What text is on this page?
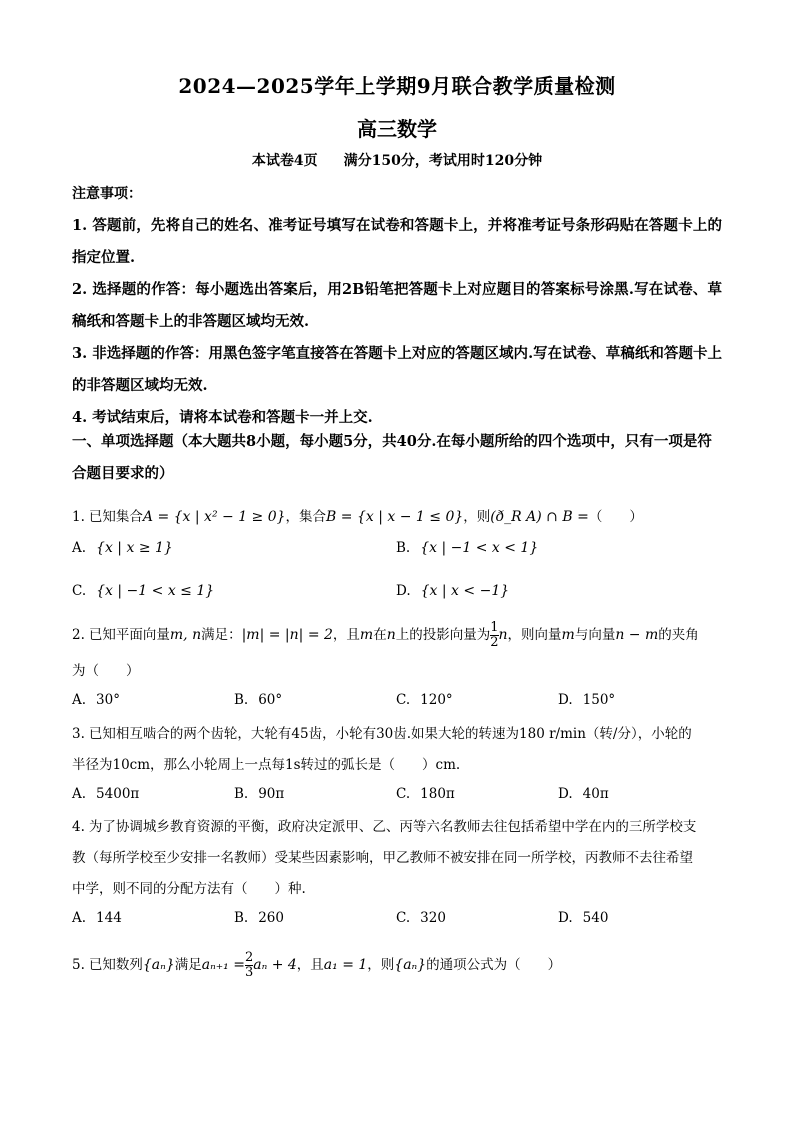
2024—2025学年上学期9月联合教学质量检测
高三数学
本试卷4页 满分150分，考试用时120分钟
注意事项：

1. 答题前，先将自己的姓名、准考证号填写在试卷和答题卡上，并将准考证号条形码贴在答题卡上的指定位置.

2. 选择题的作答：每小题选出答案后，用2B铅笔把答题卡上对应题目的答案标号涂黑.写在试卷、草稿纸和答题卡上的非答题区域均无效.

3. 非选择题的作答：用黑色签字笔直接答在答题卡上对应的答题区域内.写在试卷、草稿纸和答题卡上的非答题区域均无效.

4. 考试结束后，请将本试卷和答题卡一并上交.

一、单项选择题（本大题共8小题，每小题5分，共40分.在每小题所给的四个选项中，只有一项是符合题目要求的）
1. 已知集合A = {x | x² − 1 ≥ 0}，集合B = {x | x − 1 ≤ 0}，则(ð_R A) ∩ B =（　　）
A. {x | x ≥ 1}	B. {x | −1 < x < 1}
C. {x | −1 < x ≤ 1}	D. {x | x < −1}
2. 已知平面向量m, n满足：|m| = |n| = 2，且m在n上的投影向量为 $\frac{1}{2}$ n，则向量m与向量n − m的夹角
为（　　）
A. 30°	B. 60°	C. 120°	D. 150°
3. 已知相互啮合的两个齿轮，大轮有45齿，小轮有30齿.如果大轮的转速为180 r/min（转/分），小轮的
半径为10cm，那么小轮周上一点每1s转过的弧长是（　　）cm.
A. 5400π	B. 90π	C. 180π	D. 40π
4. 为了协调城乡教育资源的平衡，政府决定派甲、乙、丙等六名教师去往包括希望中学在内的三所学校支
教（每所学校至少安排一名教师）受某些因素影响，甲乙教师不被安排在同一所学校，丙教师不去往希望
中学，则不同的分配方法有（　　）种.
A. 144	B. 260	C. 320	D. 540
5. 已知数列{aₙ}满足$a_{n+1} = \frac{2}{3}$ aₙ + 4，且a₁ = 1，则{aₙ}的通项公式为（　　）
